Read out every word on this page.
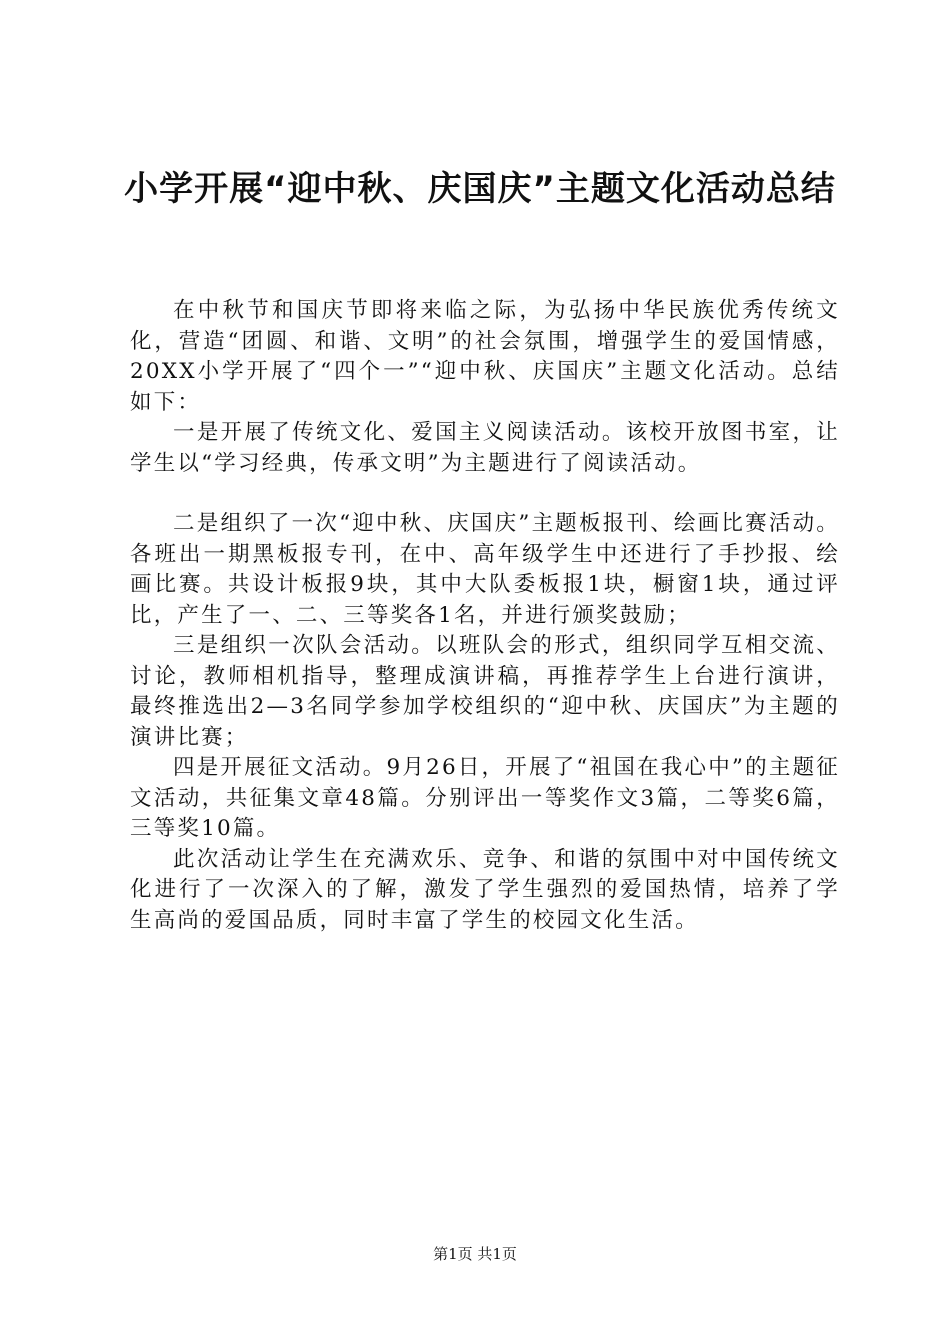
小学开展“迎中秋、庆国庆”主题文化活动总结

在中秋节和国庆节即将来临之际，为弘扬中华民族优秀传统文化，营造“团圆、和谐、文明”的社会氛围，增强学生的爱国情感，20XX小学开展了“四个一”“迎中秋、庆国庆”主题文化活动。总结如下：

一是开展了传统文化、爱国主义阅读活动。该校开放图书室，让学生以“学习经典，传承文明”为主题进行了阅读活动。

二是组织了一次“迎中秋、庆国庆”主题板报刊、绘画比赛活动。各班出一期黑板报专刊，在中、高年级学生中还进行了手抄报、绘画比赛。共设计板报9块，其中大队委板报1块，橱窗1块，通过评比，产生了一、二、三等奖各1名，并进行颁奖鼓励；

三是组织一次队会活动。以班队会的形式，组织同学互相交流、讨论，教师相机指导，整理成演讲稿，再推荐学生上台进行演讲，最终推选出2—3名同学参加学校组织的“迎中秋、庆国庆”为主题的演讲比赛；

四是开展征文活动。9月26日，开展了“祖国在我心中”的主题征文活动，共征集文章48篇。分别评出一等奖作文3篇，二等奖6篇，三等奖10篇。

此次活动让学生在充满欢乐、竞争、和谐的氛围中对中国传统文化进行了一次深入的了解，激发了学生强烈的爱国热情，培养了学生高尚的爱国品质，同时丰富了学生的校园文化生活。

第1页 共1页
